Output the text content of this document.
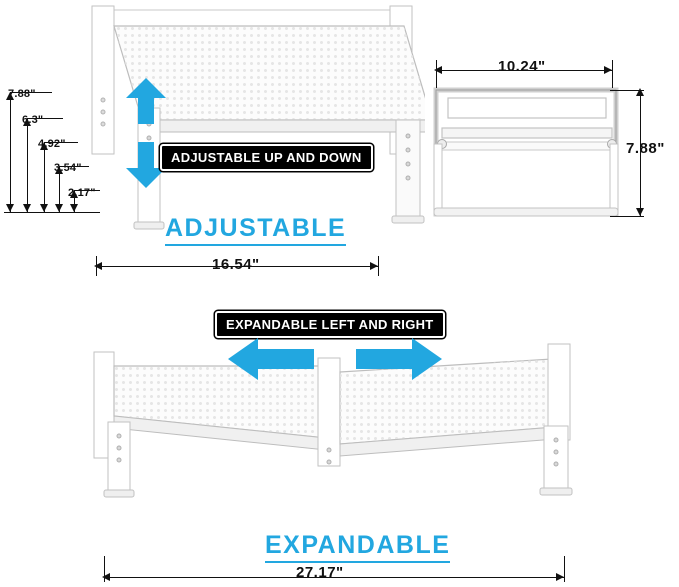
ADJUSTABLE UP AND DOWN
7.88"
6.3"
4.92"
3.54"
2.17"
ADJUSTABLE
16.54"
10.24"
7.88"
EXPANDABLE LEFT AND RIGHT
EXPANDABLE
27.17"
